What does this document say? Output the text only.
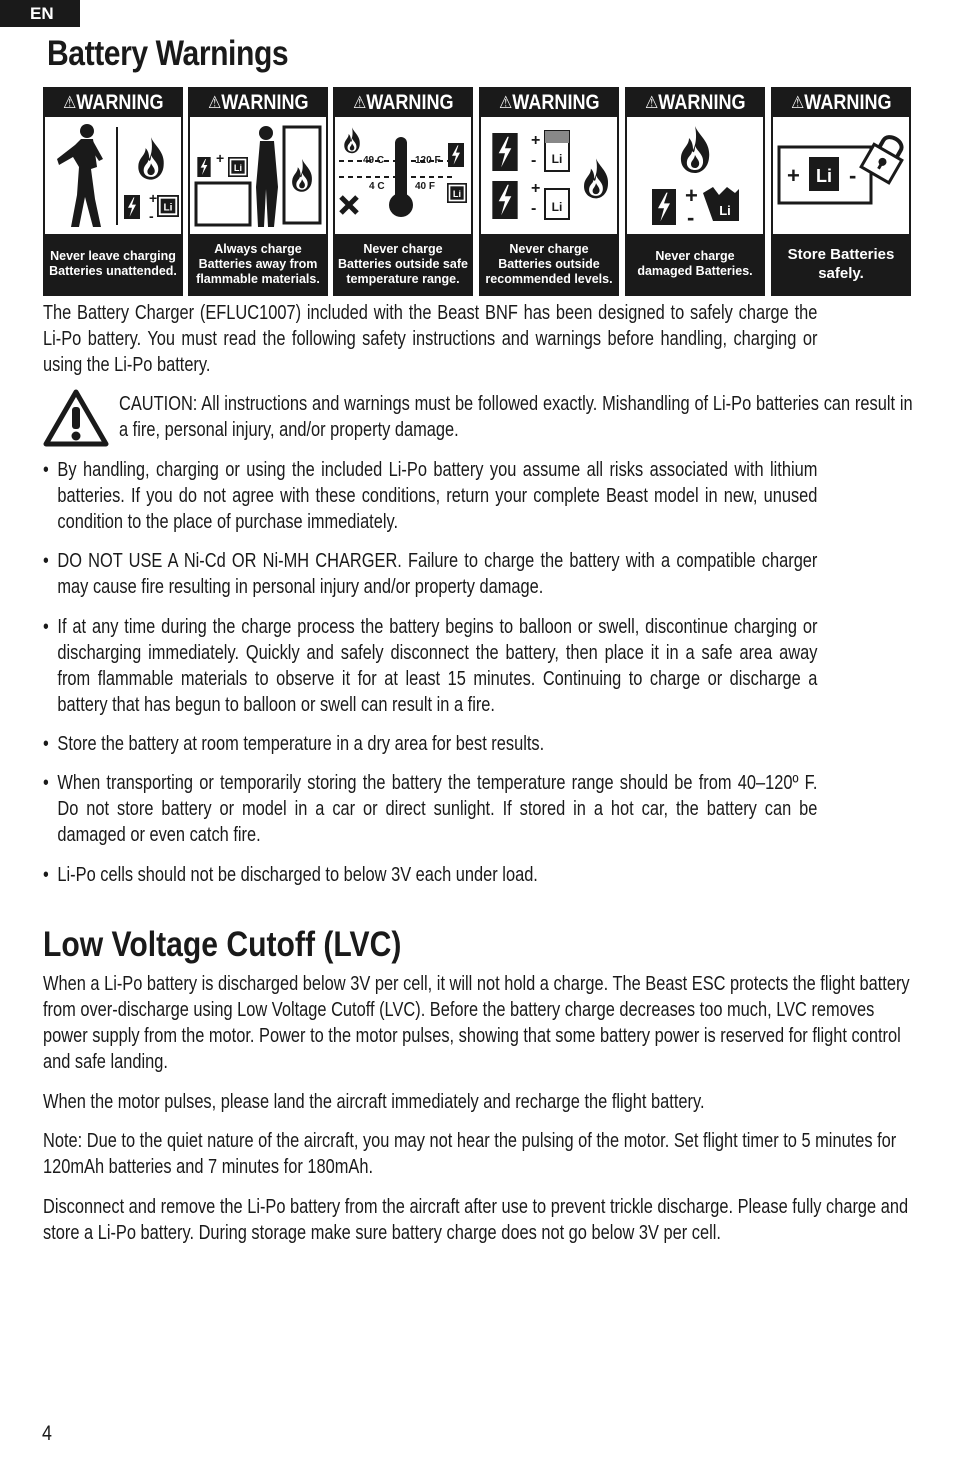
EN
Battery Warnings
⚠WARNING
+
-
Never leave charging Batteries unattended.
⚠WARNING
+
Always charge Batteries away from flammable materials.
⚠WARNING
49 C	120 F
4 C	40 F
Never charge Batteries outside safe temperature range.
⚠WARNING
+
- Li
+
- Li
Never charge Batteries outside recommended levels.
⚠WARNING
+
- Li
Never charge damaged Batteries.
⚠WARNING
+ Li -
Store Batteries safely.

The Battery Charger (EFLUC1007) included with the Beast BNF has been designed to safely charge the Li-Po battery. You must read the following safety instructions and warnings before handling, charging or using the Li-Po battery.

CAUTION: All instructions and warnings must be followed exactly. Mishandling of Li-Po batteries can result in a fire, personal injury, and/or property damage.

• By handling, charging or using the included Li-Po battery you assume all risks associated with lithium batteries. If you do not agree with these conditions, return your complete Beast model in new, unused condition to the place of purchase immediately.
• DO NOT USE A Ni-Cd OR Ni-MH CHARGER. Failure to charge the battery with a compatible charger may cause fire resulting in personal injury and/or property damage.
• If at any time during the charge process the battery begins to balloon or swell, discontinue charging or discharging immediately. Quickly and safely disconnect the battery, then place it in a safe area away from flammable materials to observe it for at least 15 minutes. Continuing to charge or discharge a battery that has begun to balloon or swell can result in a fire.
• Store the battery at room temperature in a dry area for best results.
• When transporting or temporarily storing the battery the temperature range should be from 40–120º F. Do not store battery or model in a car or direct sunlight. If stored in a hot car, the battery can be damaged or even catch fire.
• Li-Po cells should not be discharged to below 3V each under load.
Low Voltage Cutoff (LVC)

When a Li-Po battery is discharged below 3V per cell, it will not hold a charge. The Beast ESC protects the flight battery from over-discharge using Low Voltage Cutoff (LVC). Before the battery charge decreases too much, LVC removes power supply from the motor. Power to the motor pulses, showing that some battery power is reserved for flight control and safe landing.

When the motor pulses, please land the aircraft immediately and recharge the flight battery.

Note: Due to the quiet nature of the aircraft, you may not hear the pulsing of the motor. Set flight timer to 5 minutes for 120mAh batteries and 7 minutes for 180mAh.

Disconnect and remove the Li-Po battery from the aircraft after use to prevent trickle discharge. Please fully charge and store a Li-Po battery. During storage make sure battery charge does not go below 3V per cell.

4
